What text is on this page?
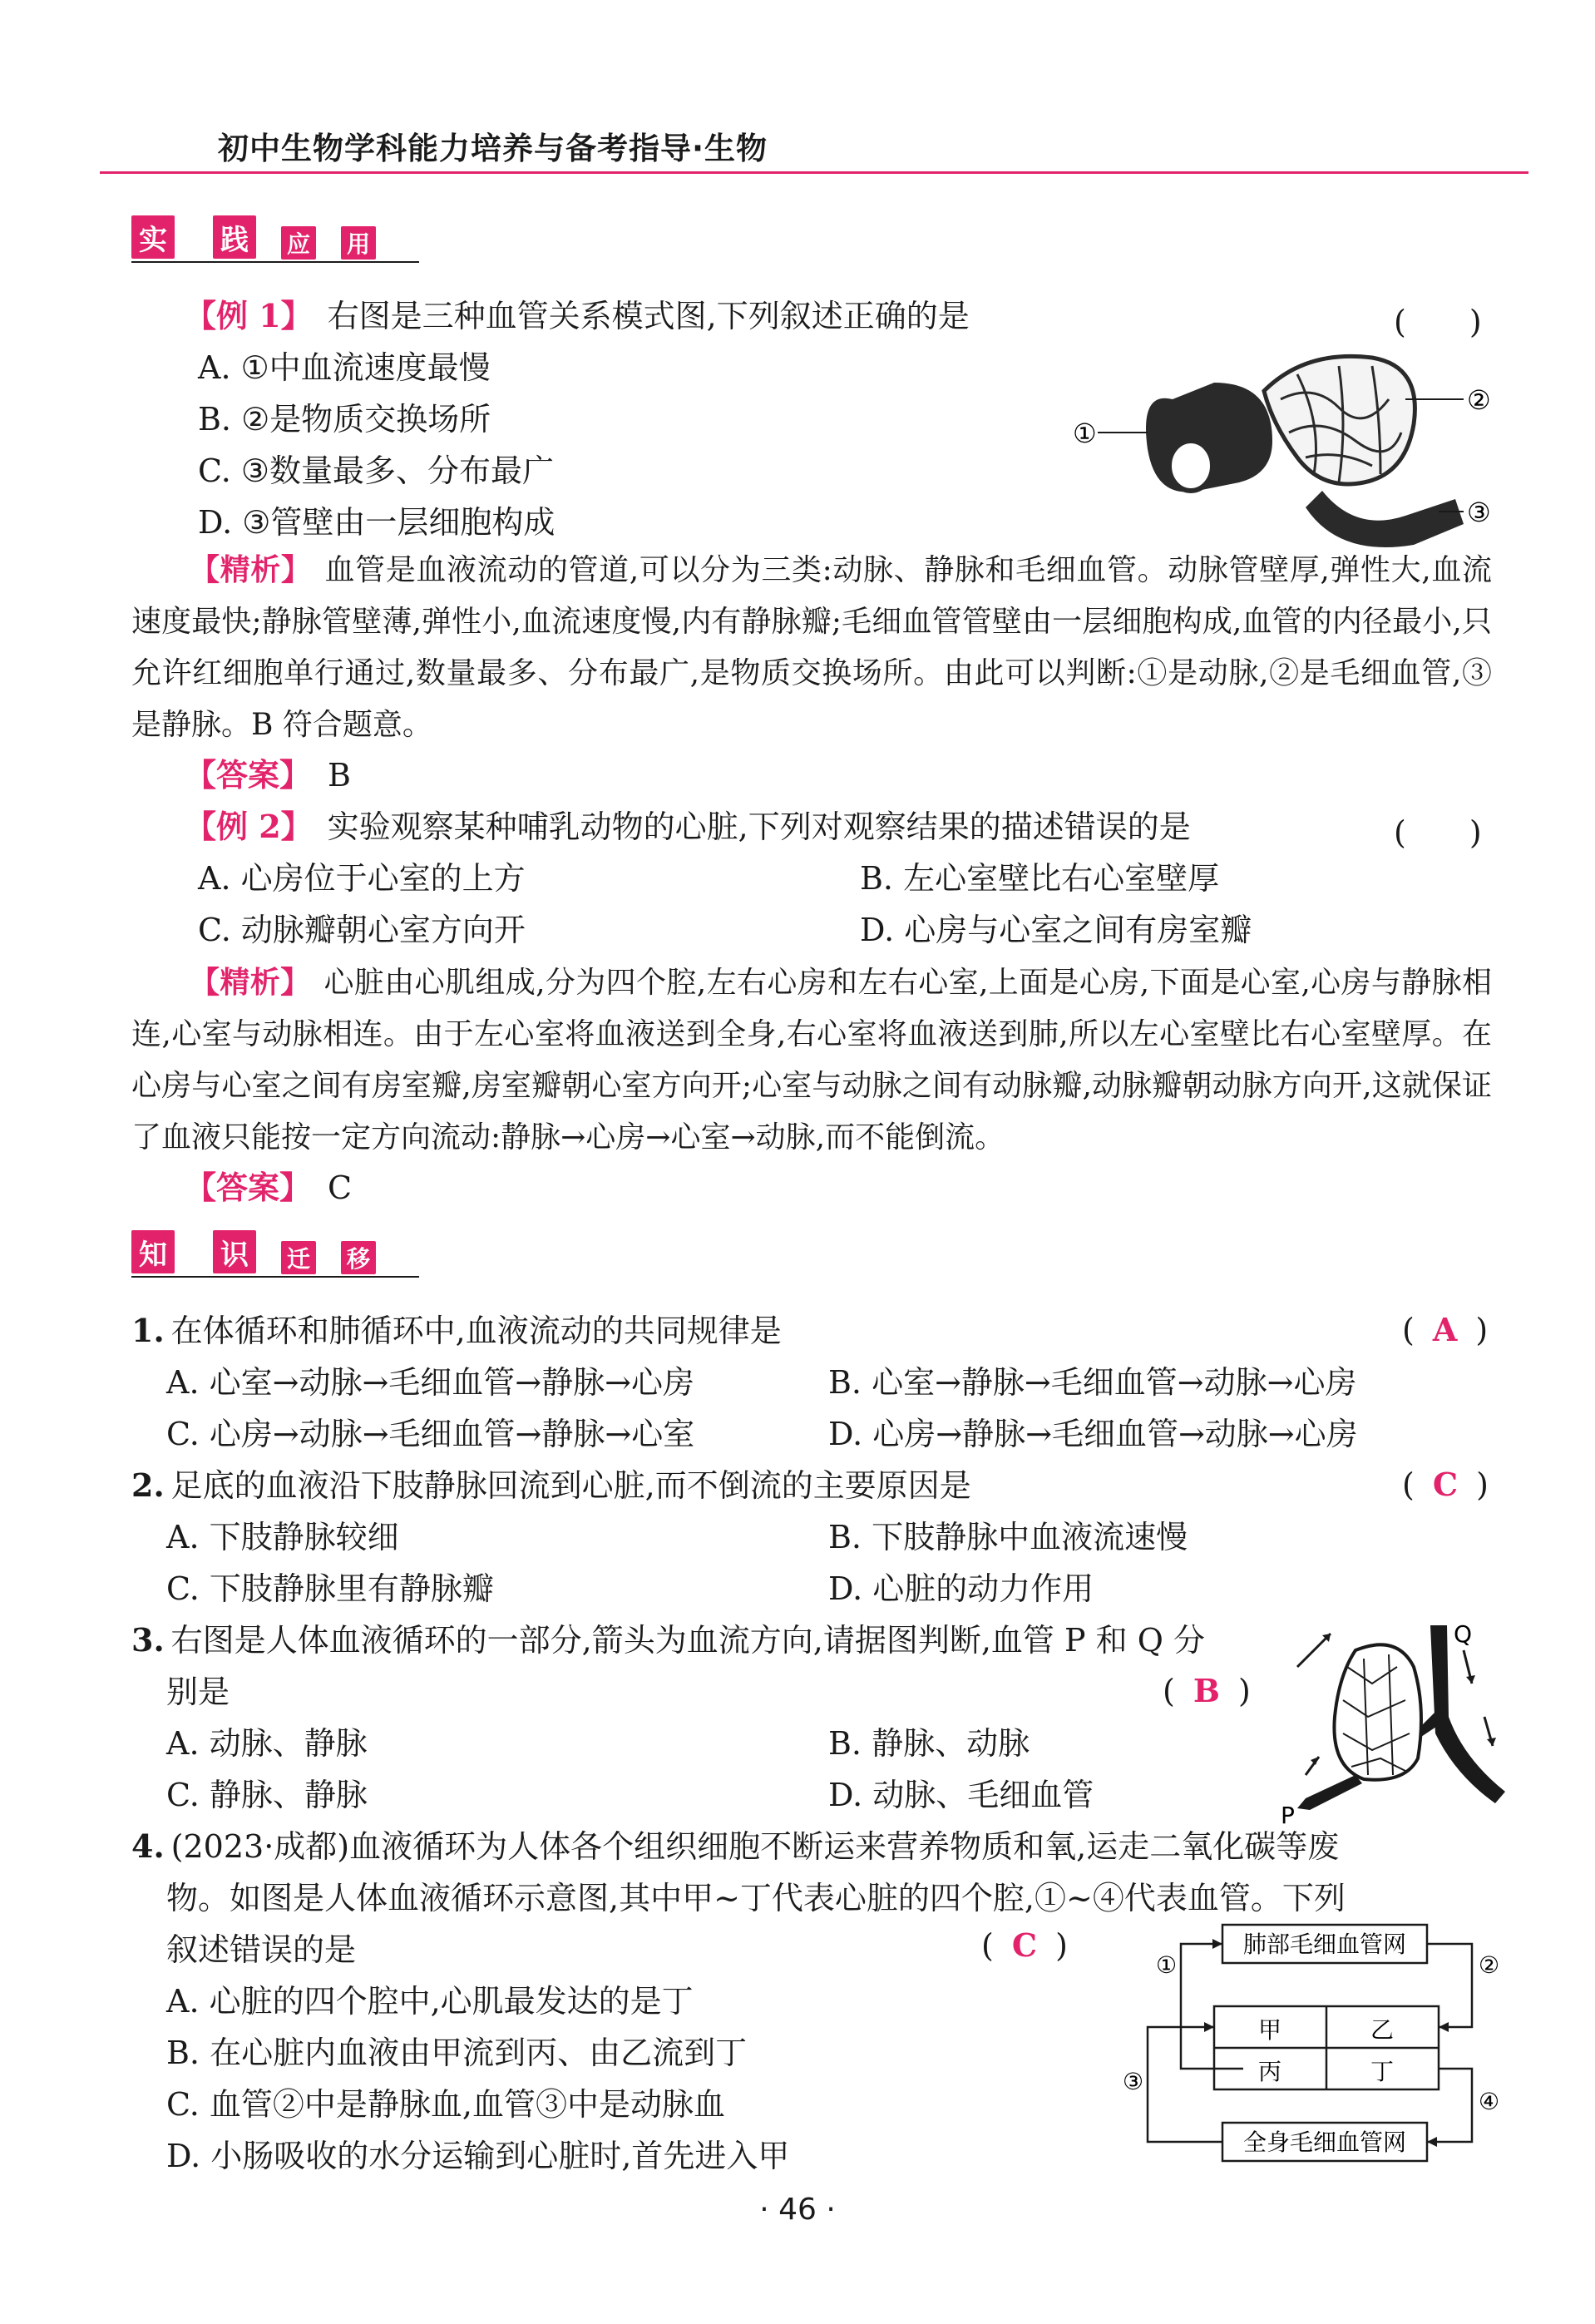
初中生物学科能力培养与备考指导·生物
实 践	应 用
【例 1】 右图是三种血管关系模式图,下列叙述正确的是	(　　)
A. ①中血流速度最慢
B. ②是物质交换场所
C. ③数量最多、分布最广
D. ③管壁由一层细胞构成
①
②
③
【精析】 血管是血液流动的管道,可以分为三类:动脉、静脉和毛细血管。动脉管壁厚,弹性大,血流速度最快;静脉管壁薄,弹性小,血流速度慢,内有静脉瓣;毛细血管管壁由一层细胞构成,血管的内径最小,只允许红细胞单行通过,数量最多、分布最广,是物质交换场所。由此可以判断:①是动脉,②是毛细血管,③是静脉。B 符合题意。
【答案】 B
【例 2】 实验观察某种哺乳动物的心脏,下列对观察结果的描述错误的是	(　　)
A. 心房位于心室的上方	B. 左心室壁比右心室壁厚
C. 动脉瓣朝心室方向开	D. 心房与心室之间有房室瓣
【精析】 心脏由心肌组成,分为四个腔,左右心房和左右心室,上面是心房,下面是心室,心房与静脉相连,心室与动脉相连。由于左心室将血液送到全身,右心室将血液送到肺,所以左心室壁比右心室壁厚。在心房与心室之间有房室瓣,房室瓣朝心室方向开;心室与动脉之间有动脉瓣,动脉瓣朝动脉方向开,这就保证了血液只能按一定方向流动:静脉→心房→心室→动脉,而不能倒流。
【答案】 C
知 识	迁 移
1. 在体循环和肺循环中,血液流动的共同规律是	( A )
A. 心室→动脉→毛细血管→静脉→心房	B. 心室→静脉→毛细血管→动脉→心房
C. 心房→动脉→毛细血管→静脉→心室	D. 心房→静脉→毛细血管→动脉→心房
2. 足底的血液沿下肢静脉回流到心脏,而不倒流的主要原因是	( C )
A. 下肢静脉较细	B. 下肢静脉中血液流速慢
C. 下肢静脉里有静脉瓣	D. 心脏的动力作用
3. 右图是人体血液循环的一部分,箭头为血流方向,请据图判断,血管 P 和 Q 分
别是	( B )
A. 动脉、静脉	B. 静脉、动脉
C. 静脉、静脉	D. 动脉、毛细血管
Q
P
4. (2023·成都)血液循环为人体各个组织细胞不断运来营养物质和氧,运走二氧化碳等废
物。如图是人体血液循环示意图,其中甲~丁代表心脏的四个腔,①~④代表血管。下列
叙述错误的是	( C )
A. 心脏的四个腔中,心肌最发达的是丁
B. 在心脏内血液由甲流到丙、由乙流到丁
C. 血管②中是静脉血,血管③中是动脉血
D. 小肠吸收的水分运输到心脏时,首先进入甲
肺部毛细血管网
甲	乙
丙	丁
全身毛细血管网
①	②
③
④
· 46 ·
